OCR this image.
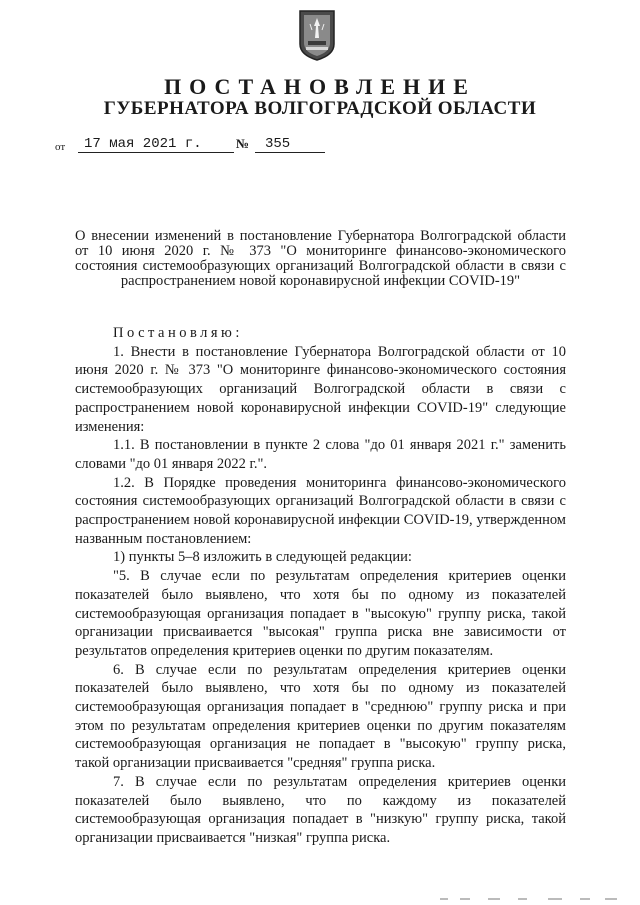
ПОСТАНОВЛЕНИЕ
ГУБЕРНАТОРА ВОЛГОГРАДСКОЙ ОБЛАСТИ
от	17 мая 2021 г.	№	355
О внесении изменений в постановление Губернатора Волгоградской области от 10 июня 2020 г. № 373 "О мониторинге финансово-экономического состояния системообразующих организаций Волгоградской области в связи с распространением новой коронавирусной инфекции COVID-19"

Постановляю:

1. Внести в постановление Губернатора Волгоградской области от 10 июня 2020 г. № 373 "О мониторинге финансово-экономического состояния системообразующих организаций Волгоградской области в связи с распространением новой коронавирусной инфекции COVID-19" следующие изменения:

1.1. В постановлении в пункте 2 слова "до 01 января 2021 г." заменить словами "до 01 января 2022 г.".

1.2. В Порядке проведения мониторинга финансово-экономического состояния системообразующих организаций Волгоградской области в связи с распространением новой коронавирусной инфекции COVID-19, утвержденном названным постановлением:

1) пункты 5–8 изложить в следующей редакции:

"5. В случае если по результатам определения критериев оценки показателей было выявлено, что хотя бы по одному из показателей системообразующая организация попадает в "высокую" группу риска, такой организации присваивается "высокая" группа риска вне зависимости от результатов определения критериев оценки по другим показателям.

6. В случае если по результатам определения критериев оценки показателей было выявлено, что хотя бы по одному из показателей системообразующая организация попадает в "среднюю" группу риска и при этом по результатам определения критериев оценки по другим показателям системообразующая организация не попадает в "высокую" группу риска, такой организации присваивается "средняя" группа риска.

7. В случае если по результатам определения критериев оценки показателей было выявлено, что по каждому из показателей системообразующая организация попадает в "низкую" группу риска, такой организации присваивается "низкая" группа риска.
